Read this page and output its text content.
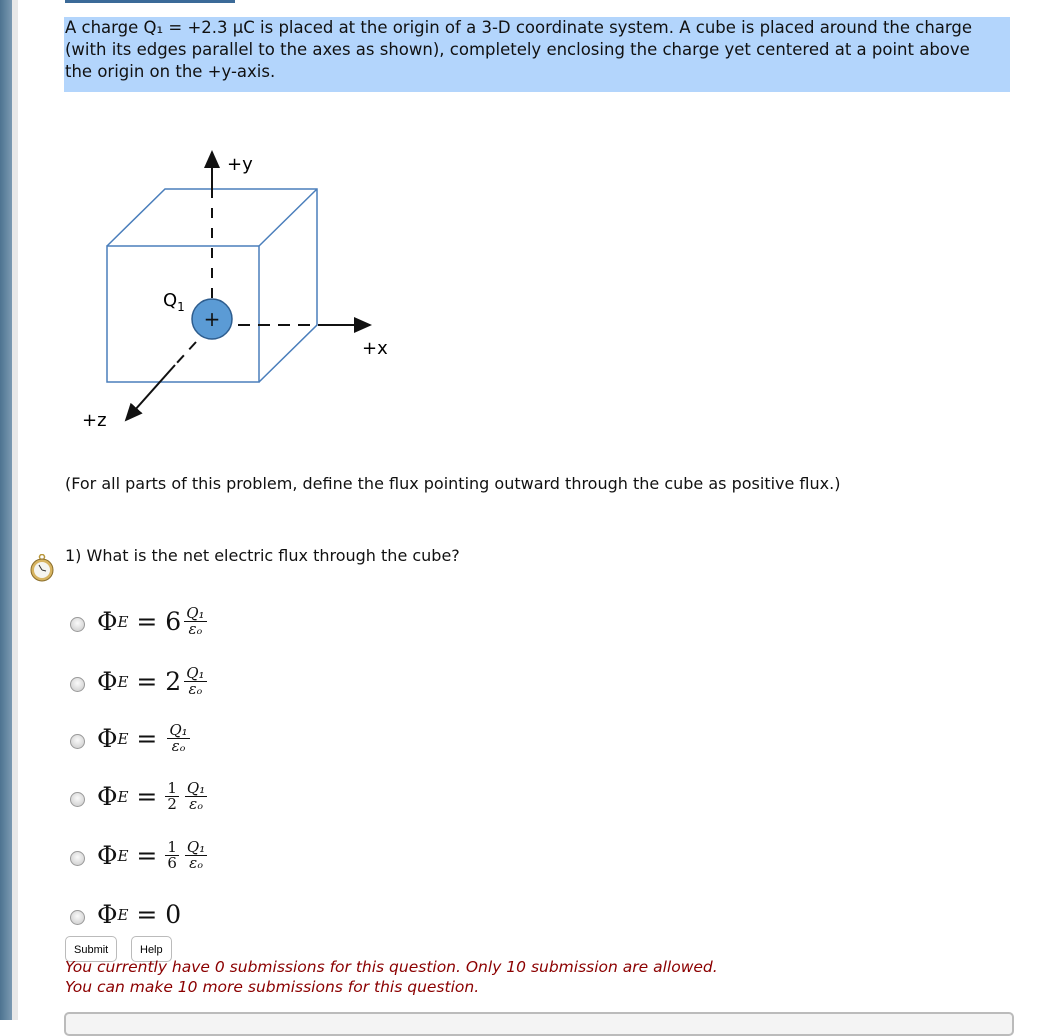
A charge Q₁ = +2.3 μC is placed at the origin of a 3-D coordinate system. A cube is placed around the charge
(with its edges parallel to the axes as shown), completely enclosing the charge yet centered at a point above
the origin on the +y-axis.
+
+y
+x
+z
$Q_1$
(For all parts of this problem, define the flux pointing outward through the cube as positive flux.)
1) What is the net electric flux through the cube?
Φ E
= $6 \frac{\text{Q₁}}{\text{εₒ}}$
Φ E
= $2 \frac{\text{Q₁}}{\text{εₒ}}$
Φ E
= $\frac{\text{Q₁}}{\text{εₒ}}$
Φ E
= $\frac{1}{2} \frac{\text{Q₁}}{\text{εₒ}}$
Φ E
= $\frac{1}{6} \frac{\text{Q₁}}{\text{εₒ}}$
Φ E
= 0
Submit	Help
You currently have 0 submissions for this question. Only 10 submission are allowed.
You can make 10 more submissions for this question.
